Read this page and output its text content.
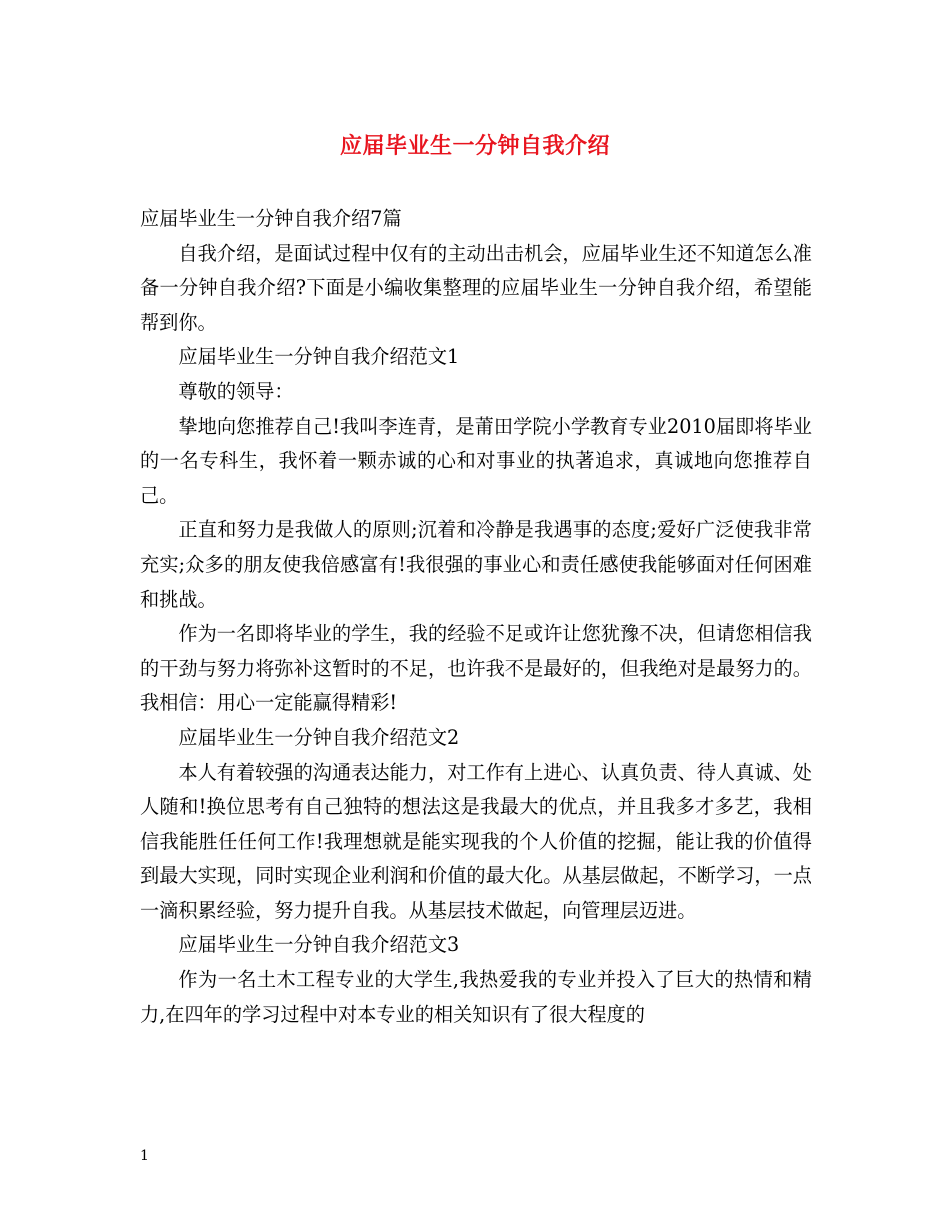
应届毕业生一分钟自我介绍

应届毕业生一分钟自我介绍7篇

自我介绍，是面试过程中仅有的主动出击机会，应届毕业生还不知道怎么准备一分钟自我介绍?下面是小编收集整理的应届毕业生一分钟自我介绍，希望能帮到你。

应届毕业生一分钟自我介绍范文1

尊敬的领导：

挚地向您推荐自己!我叫李连青，是莆田学院小学教育专业2010届即将毕业的一名专科生，我怀着一颗赤诚的心和对事业的执著追求，真诚地向您推荐自己。

正直和努力是我做人的原则;沉着和冷静是我遇事的态度;爱好广泛使我非常充实;众多的朋友使我倍感富有!我很强的事业心和责任感使我能够面对任何困难和挑战。

作为一名即将毕业的学生，我的经验不足或许让您犹豫不决，但请您相信我的干劲与努力将弥补这暂时的不足，也许我不是最好的，但我绝对是最努力的。我相信：用心一定能赢得精彩!

应届毕业生一分钟自我介绍范文2

本人有着较强的沟通表达能力，对工作有上进心、认真负责、待人真诚、处人随和!换位思考有自己独特的想法这是我最大的优点，并且我多才多艺，我相信我能胜任任何工作!我理想就是能实现我的个人价值的挖掘，能让我的价值得到最大实现，同时实现企业利润和价值的最大化。从基层做起，不断学习，一点一滴积累经验，努力提升自我。从基层技术做起，向管理层迈进。

应届毕业生一分钟自我介绍范文3

作为一名土木工程专业的大学生,我热爱我的专业并投入了巨大的热情和精力,在四年的学习过程中对本专业的相关知识有了很大程度的

1
